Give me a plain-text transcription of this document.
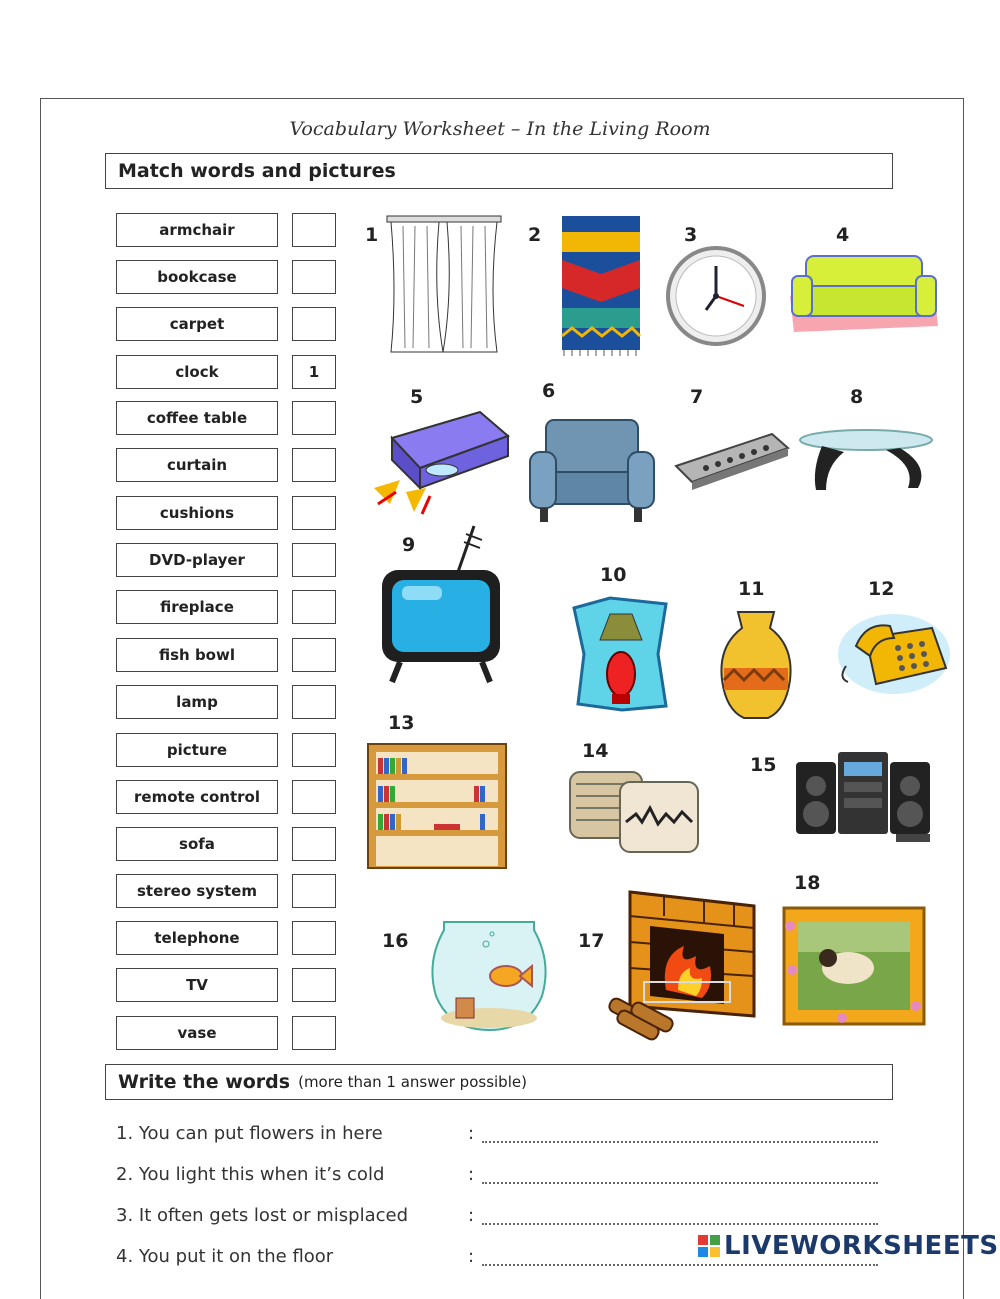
Vocabulary Worksheet – In the Living Room
Match words and pictures
armchair
bookcase
carpet
clock	1
coffee table
curtain
cushions
DVD-player
fireplace
fish bowl
lamp
picture
remote control
sofa
stereo system
telephone
TV
vase
1	2	3	4
5	6	7	8
9
10
11	12
13
14
15
16	17
18
Write the words (more than 1 answer possible)
1. You can put flowers in here	:
2. You light this when it’s cold	:
3. It often gets lost or misplaced	:
4. You put it on the floor	:	LIVEWORKSHEETS
